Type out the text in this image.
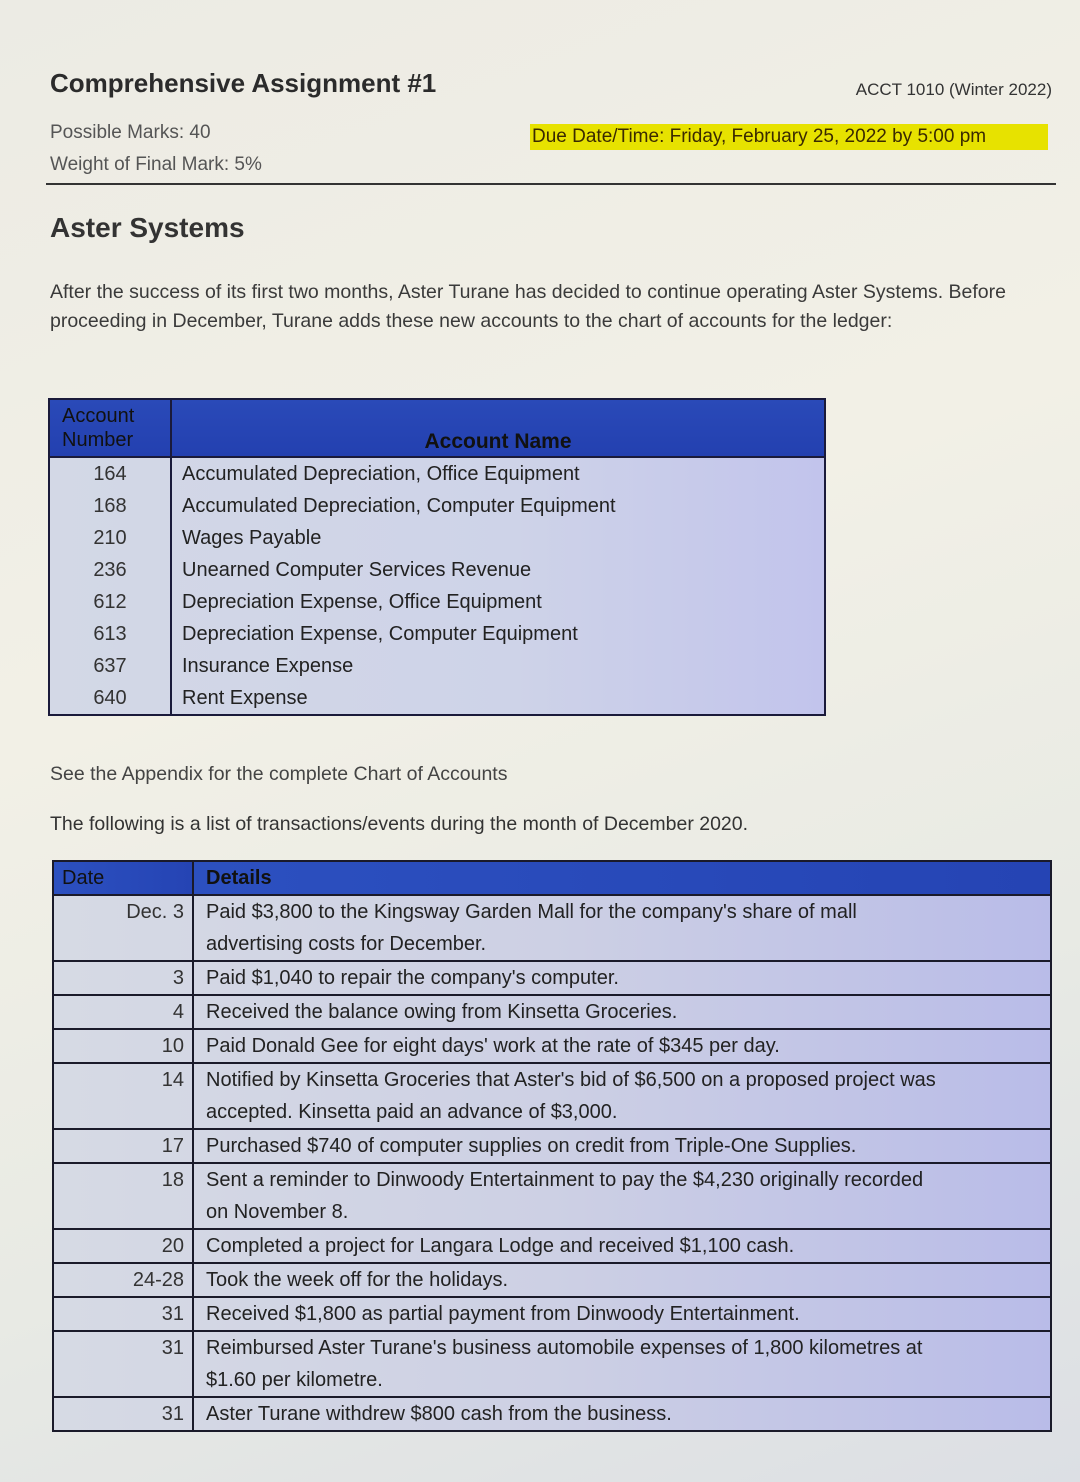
Comprehensive Assignment #1	ACCT 1010 (Winter 2022)
Possible Marks: 40
Weight of Final Mark: 5%
Due Date/Time: Friday, February 25, 2022 by 5:00 pm
Aster Systems
After the success of its first two months, Aster Turane has decided to continue operating Aster Systems. Before proceeding in December, Turane adds these new accounts to the chart of accounts for the ledger:
Account Number	Account Name
164	Accumulated Depreciation, Office Equipment
168	Accumulated Depreciation, Computer Equipment
210	Wages Payable
236	Unearned Computer Services Revenue
612	Depreciation Expense, Office Equipment
613	Depreciation Expense, Computer Equipment
637	Insurance Expense
640	Rent Expense
See the Appendix for the complete Chart of Accounts
The following is a list of transactions/events during the month of December 2020.
Date	Details
Dec. 3	Paid $3,800 to the Kingsway Garden Mall for the company's share of mall advertising costs for December.
3	Paid $1,040 to repair the company's computer.
4	Received the balance owing from Kinsetta Groceries.
10	Paid Donald Gee for eight days' work at the rate of $345 per day.
14	Notified by Kinsetta Groceries that Aster's bid of $6,500 on a proposed project was accepted. Kinsetta paid an advance of $3,000.
17	Purchased $740 of computer supplies on credit from Triple-One Supplies.
18	Sent a reminder to Dinwoody Entertainment to pay the $4,230 originally recorded on November 8.
20	Completed a project for Langara Lodge and received $1,100 cash.
24-28	Took the week off for the holidays.
31	Received $1,800 as partial payment from Dinwoody Entertainment.
31	Reimbursed Aster Turane's business automobile expenses of 1,800 kilometres at $1.60 per kilometre.
31	Aster Turane withdrew $800 cash from the business.
